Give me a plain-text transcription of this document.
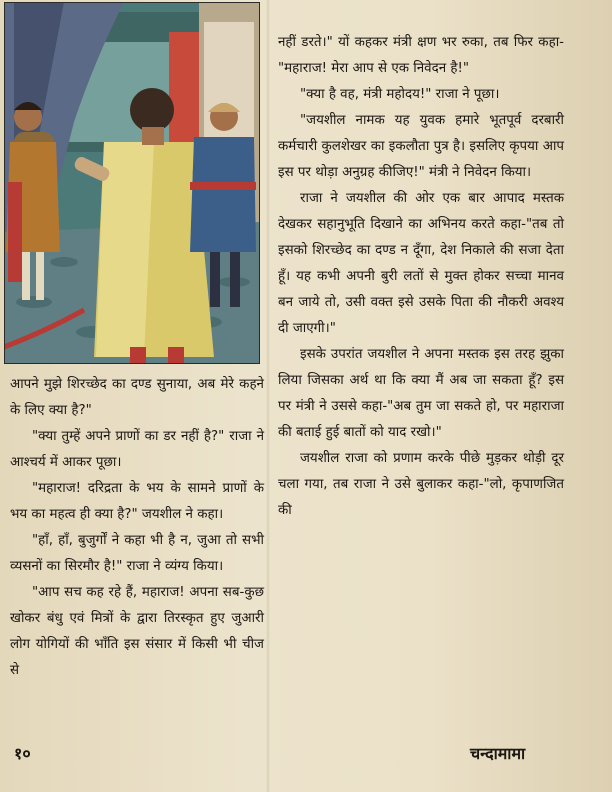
आपने मुझे शिरच्छेद का दण्ड सुनाया, अब मेरे कहने के लिए क्या है?"

"क्या तुम्हें अपने प्राणों का डर नहीं है?" राजा ने आश्चर्य में आकर पूछा।

"महाराज! दरिद्रता के भय के सामने प्राणों के भय का महत्व ही क्या है?" जयशील ने कहा।

"हाँ, हाँ, बुजुर्गों ने कहा भी है न, जुआ तो सभी व्यसनों का सिरमौर है!" राजा ने व्यंग्य किया।

"आप सच कह रहे हैं, महाराज! अपना सब-कुछ खोकर बंधु एवं मित्रों के द्वारा तिरस्कृत हुए जुआरी लोग योगियों की भाँति इस संसार में किसी भी चीज से

नहीं डरते।" यों कहकर मंत्री क्षण भर रुका, तब फिर कहा-"महाराज! मेरा आप से एक निवेदन है!"

"क्या है वह, मंत्री महोदय!" राजा ने पूछा।

"जयशील नामक यह युवक हमारे भूतपूर्व दरबारी कर्मचारी कुलशेखर का इकलौता पुत्र है। इसलिए कृपया आप इस पर थोड़ा अनुग्रह कीजिए!" मंत्री ने निवेदन किया।

राजा ने जयशील की ओर एक बार आपाद मस्तक देखकर सहानुभूति दिखाने का अभिनय करते कहा-"तब तो इसको शिरच्छेद का दण्ड न दूँगा, देश निकाले की सजा देता हूँ। यह कभी अपनी बुरी लतों से मुक्त होकर सच्चा मानव बन जाये तो, उसी वक्त इसे उसके पिता की नौकरी अवश्य दी जाएगी।"

इसके उपरांत जयशील ने अपना मस्तक इस तरह झुका लिया जिसका अर्थ था कि क्या मैं अब जा सकता हूँ? इस पर मंत्री ने उससे कहा-"अब तुम जा सकते हो, पर महाराजा की बताई हुई बातों को याद रखो।"

जयशील राजा को प्रणाम करके पीछे मुड़कर थोड़ी दूर चला गया, तब राजा ने उसे बुलाकर कहा-"लो, कृपाणजित की

१०	चन्दामामा
